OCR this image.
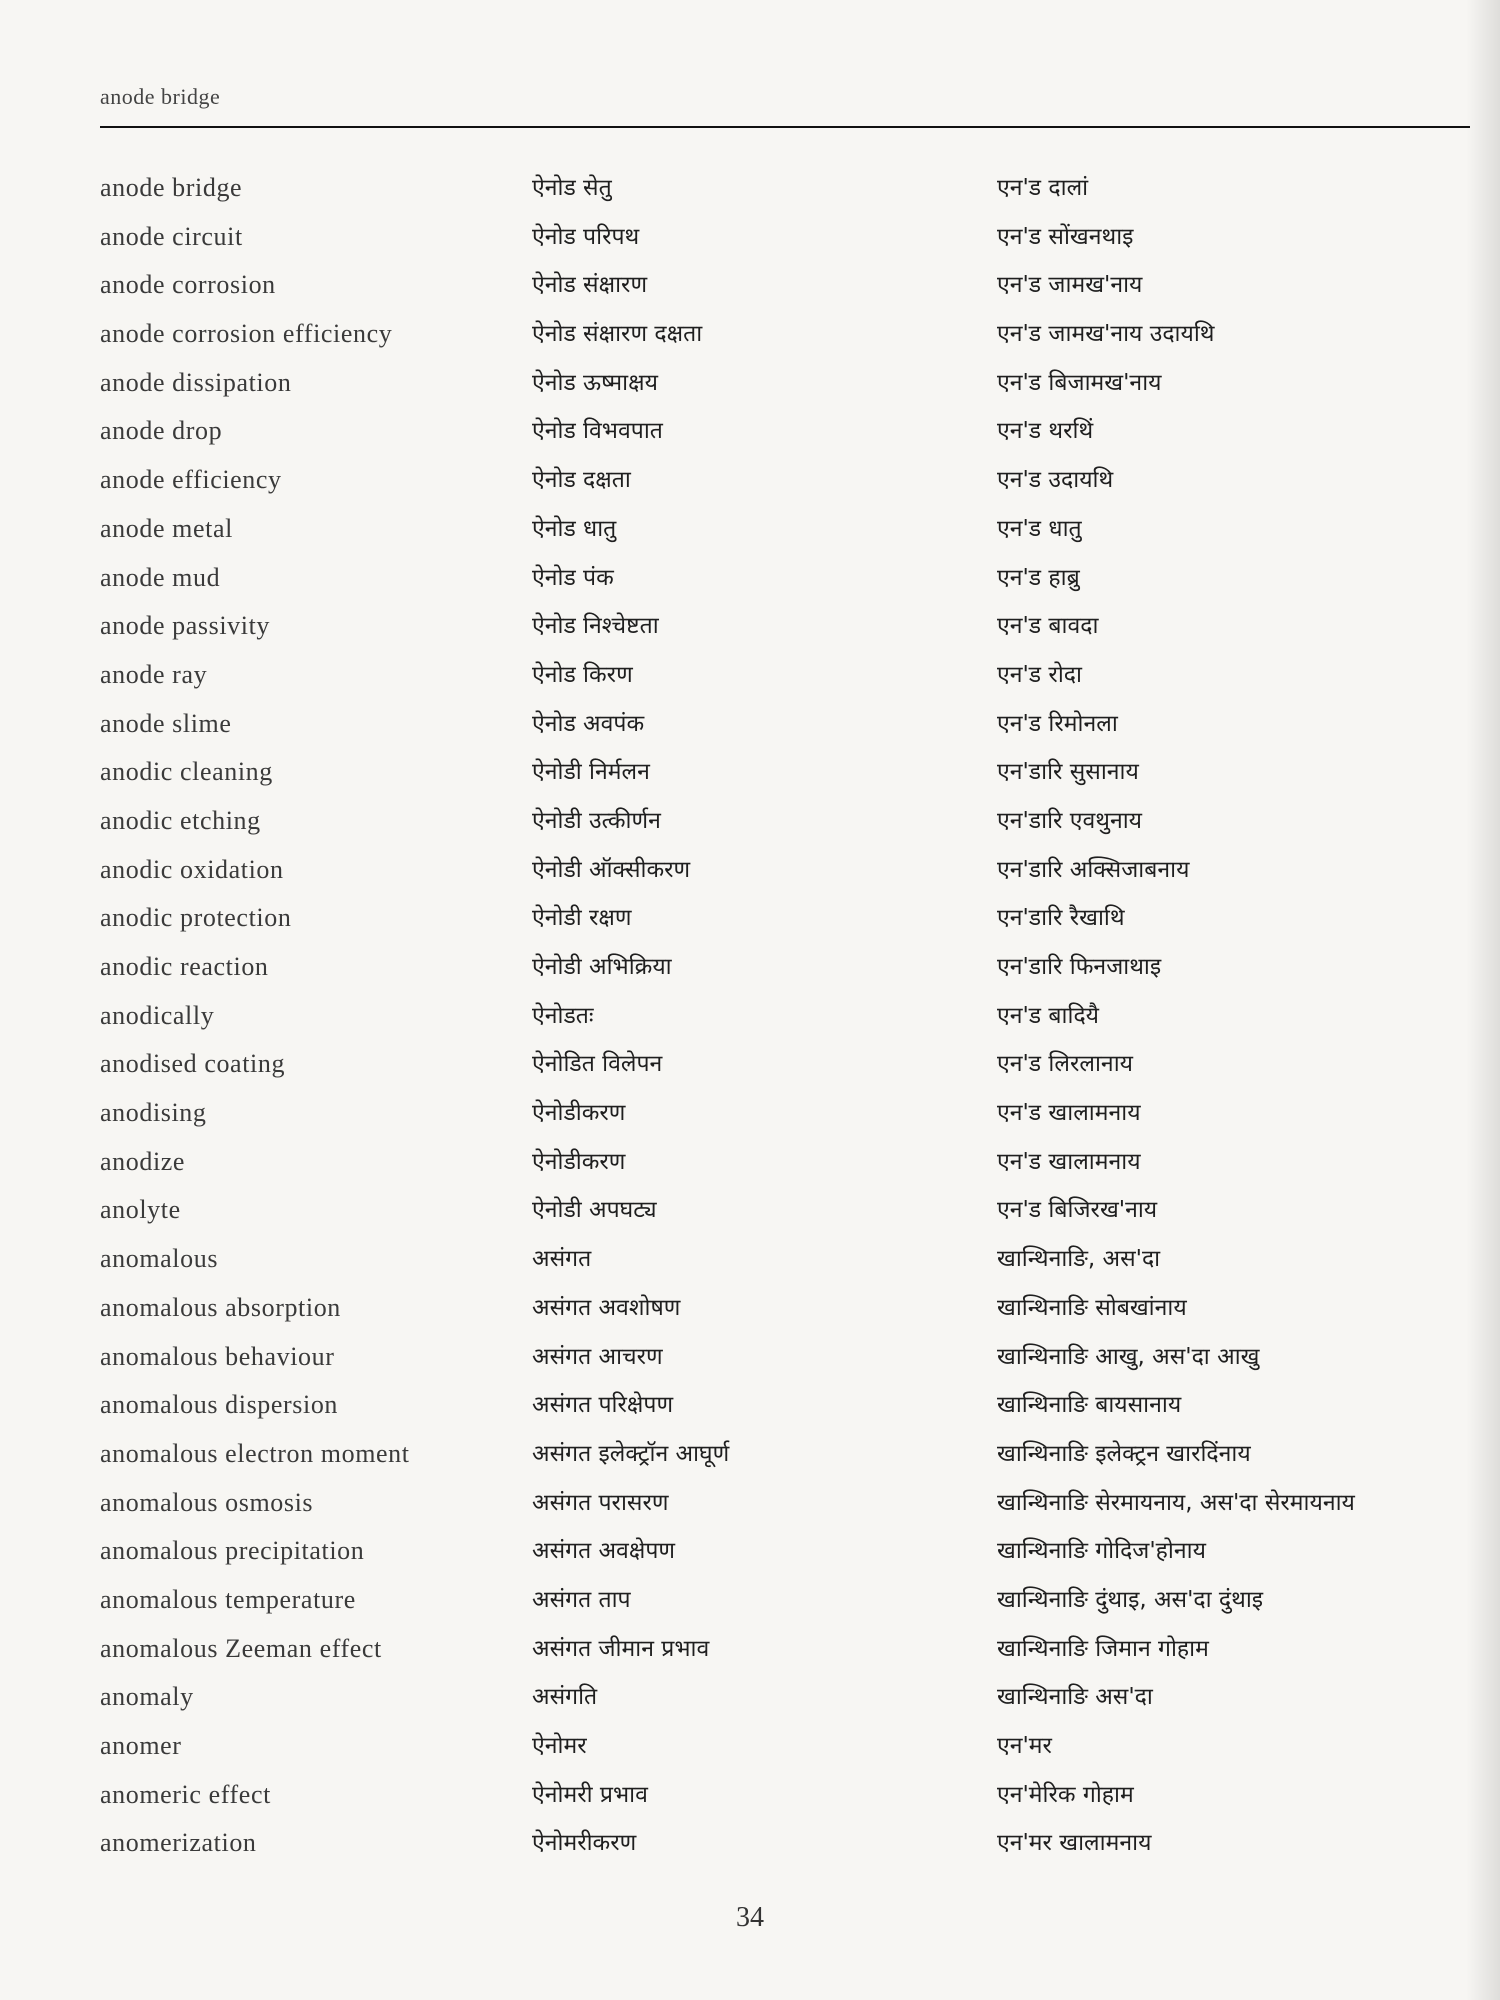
anode bridge
anode bridge	ऐनोड सेतु	एन'ड दालां
anode circuit	ऐनोड परिपथ	एन'ड सोंखनथाइ
anode corrosion	ऐनोड संक्षारण	एन'ड जामख'नाय
anode corrosion efficiency	ऐनोड संक्षारण दक्षता	एन'ड जामख'नाय उदायथि
anode dissipation	ऐनोड ऊष्माक्षय	एन'ड बिजामख'नाय
anode drop	ऐनोड विभवपात	एन'ड थरथिं
anode efficiency	ऐनोड दक्षता	एन'ड उदायथि
anode metal	ऐनोड धातु	एन'ड धातु
anode mud	ऐनोड पंक	एन'ड हाब्रु
anode passivity	ऐनोड निश्चेष्टता	एन'ड बावदा
anode ray	ऐनोड किरण	एन'ड रोदा
anode slime	ऐनोड अवपंक	एन'ड रिमोनला
anodic cleaning	ऐनोडी निर्मलन	एन'डारि सुसानाय
anodic etching	ऐनोडी उत्कीर्णन	एन'डारि एवथुनाय
anodic oxidation	ऐनोडी ऑक्सीकरण	एन'डारि अक्सिजाबनाय
anodic protection	ऐनोडी रक्षण	एन'डारि रैखाथि
anodic reaction	ऐनोडी अभिक्रिया	एन'डारि फिनजाथाइ
anodically	ऐनोडतः	एन'ड बादियै
anodised coating	ऐनोडित विलेपन	एन'ड लिरलानाय
anodising	ऐनोडीकरण	एन'ड खालामनाय
anodize	ऐनोडीकरण	एन'ड खालामनाय
anolyte	ऐनोडी अपघट्य	एन'ड बिजिरख'नाय
anomalous	असंगत	खान्थिनाङि, अस'दा
anomalous absorption	असंगत अवशोषण	खान्थिनाङि सोबखांनाय
anomalous behaviour	असंगत आचरण	खान्थिनाङि आखु, अस'दा आखु
anomalous dispersion	असंगत परिक्षेपण	खान्थिनाङि बायसानाय
anomalous electron moment	असंगत इलेक्ट्रॉन आघूर्ण	खान्थिनाङि इलेक्ट्रन खारदिंनाय
anomalous osmosis	असंगत परासरण	खान्थिनाङि सेरमायनाय, अस'दा सेरमायनाय
anomalous precipitation	असंगत अवक्षेपण	खान्थिनाङि गोदिज'होनाय
anomalous temperature	असंगत ताप	खान्थिनाङि दुंथाइ, अस'दा दुंथाइ
anomalous Zeeman effect	असंगत जीमान प्रभाव	खान्थिनाङि जिमान गोहाम
anomaly	असंगति	खान्थिनाङि अस'दा
anomer	ऐनोमर	एन'मर
anomeric effect	ऐनोमरी प्रभाव	एन'मेरिक गोहाम
anomerization	ऐनोमरीकरण	एन'मर खालामनाय
34
